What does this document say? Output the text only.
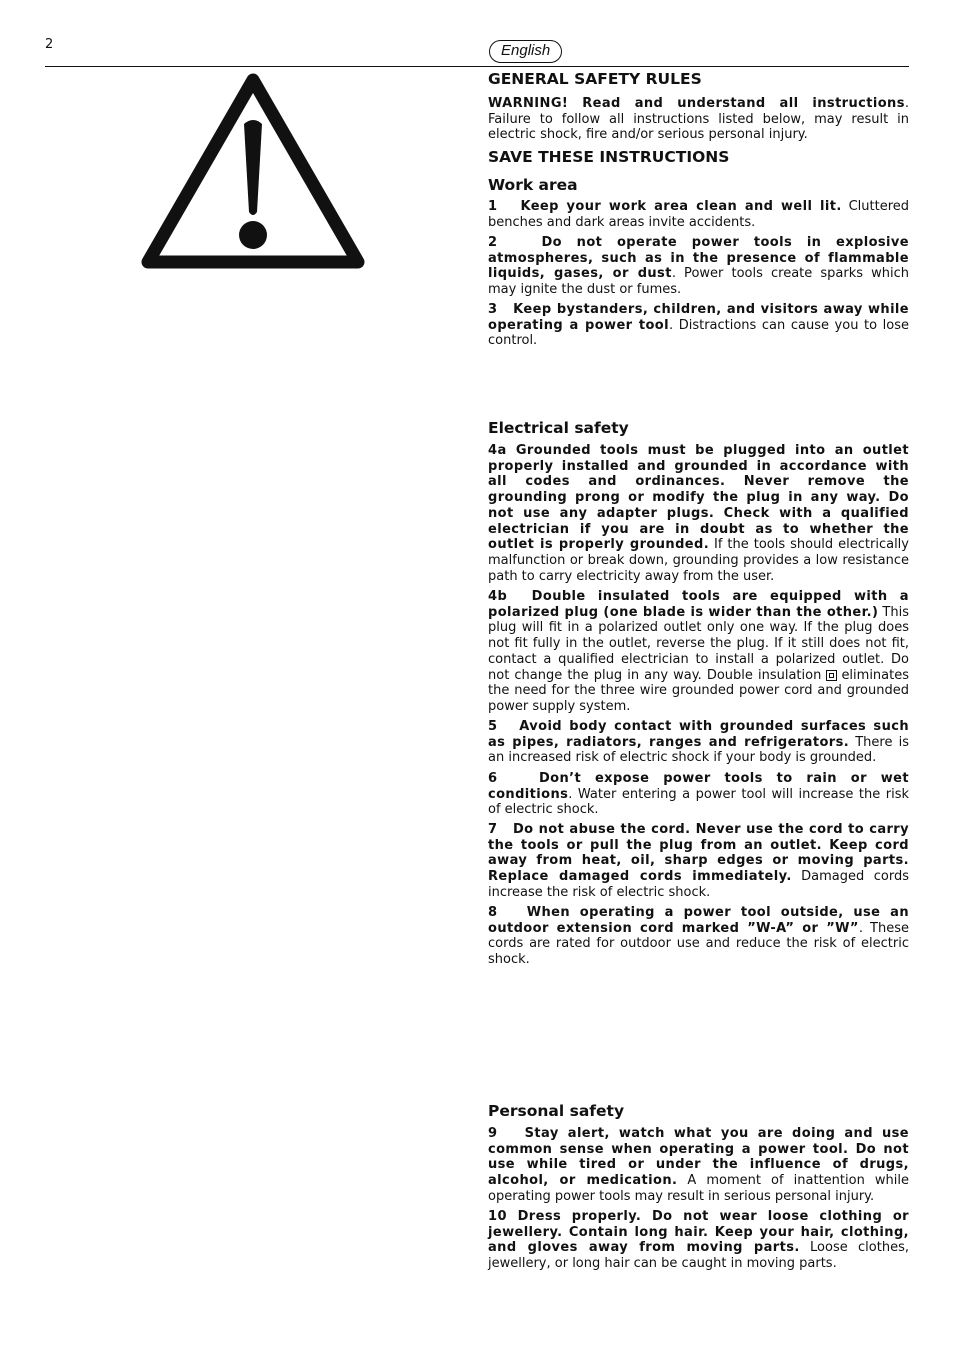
2	English
GENERAL SAFETY RULES

WARNING! Read and understand all instructions. Failure to follow all instructions listed below, may result in electric shock, fire and/or serious personal injury.

SAVE THESE INSTRUCTIONS
Work area

1   Keep your work area clean and well lit. Cluttered benches and dark areas invite accidents.

2   Do not operate power tools in explosive atmospheres, such as in the presence of flammable liquids, gases, or dust. Power tools create sparks which may ignite the dust or fumes.

3   Keep bystanders, children, and visitors away while operating a power tool. Distractions can cause you to lose control.

Electrical safety

4a Grounded tools must be plugged into an outlet properly installed and grounded in accordance with all codes and ordinances. Never remove the grounding prong or modify the plug in any way. Do not use any adapter plugs. Check with a qualified electrician if you are in doubt as to whether the outlet is properly grounded. If the tools should electrically malfunction or break down, grounding provides a low resistance path to carry electricity away from the user.

4b  Double insulated tools are equipped with a polarized plug (one blade is wider than the other.) This plug will fit in a polarized outlet only one way. If the plug does not fit fully in the outlet, reverse the plug. If it still does not fit, contact a qualified electrician to install a polarized outlet. Do not change the plug in any way. Double insulation eliminates the need for the three wire grounded power cord and grounded power supply system.

5   Avoid body contact with grounded surfaces such as pipes, radiators, ranges and refrigerators. There is an increased risk of electric shock if your body is grounded.

6   Don’t expose power tools to rain or wet conditions. Water entering a power tool will increase the risk of electric shock.

7   Do not abuse the cord. Never use the cord to carry the tools or pull the plug from an outlet. Keep cord away from heat, oil, sharp edges or moving parts. Replace damaged cords immediately. Damaged cords increase the risk of electric shock.

8   When operating a power tool outside, use an outdoor extension cord marked ”W-A” or ”W”. These cords are rated for outdoor use and reduce the risk of electric shock.

Personal safety

9   Stay alert, watch what you are doing and use common sense when operating a power tool. Do not use while tired or under the influence of drugs, alcohol, or medication. A moment of inattention while operating power tools may result in serious personal injury.

10 Dress properly. Do not wear loose clothing or jewellery. Contain long hair. Keep your hair, clothing, and gloves away from moving parts. Loose clothes, jewellery, or long hair can be caught in moving parts.
